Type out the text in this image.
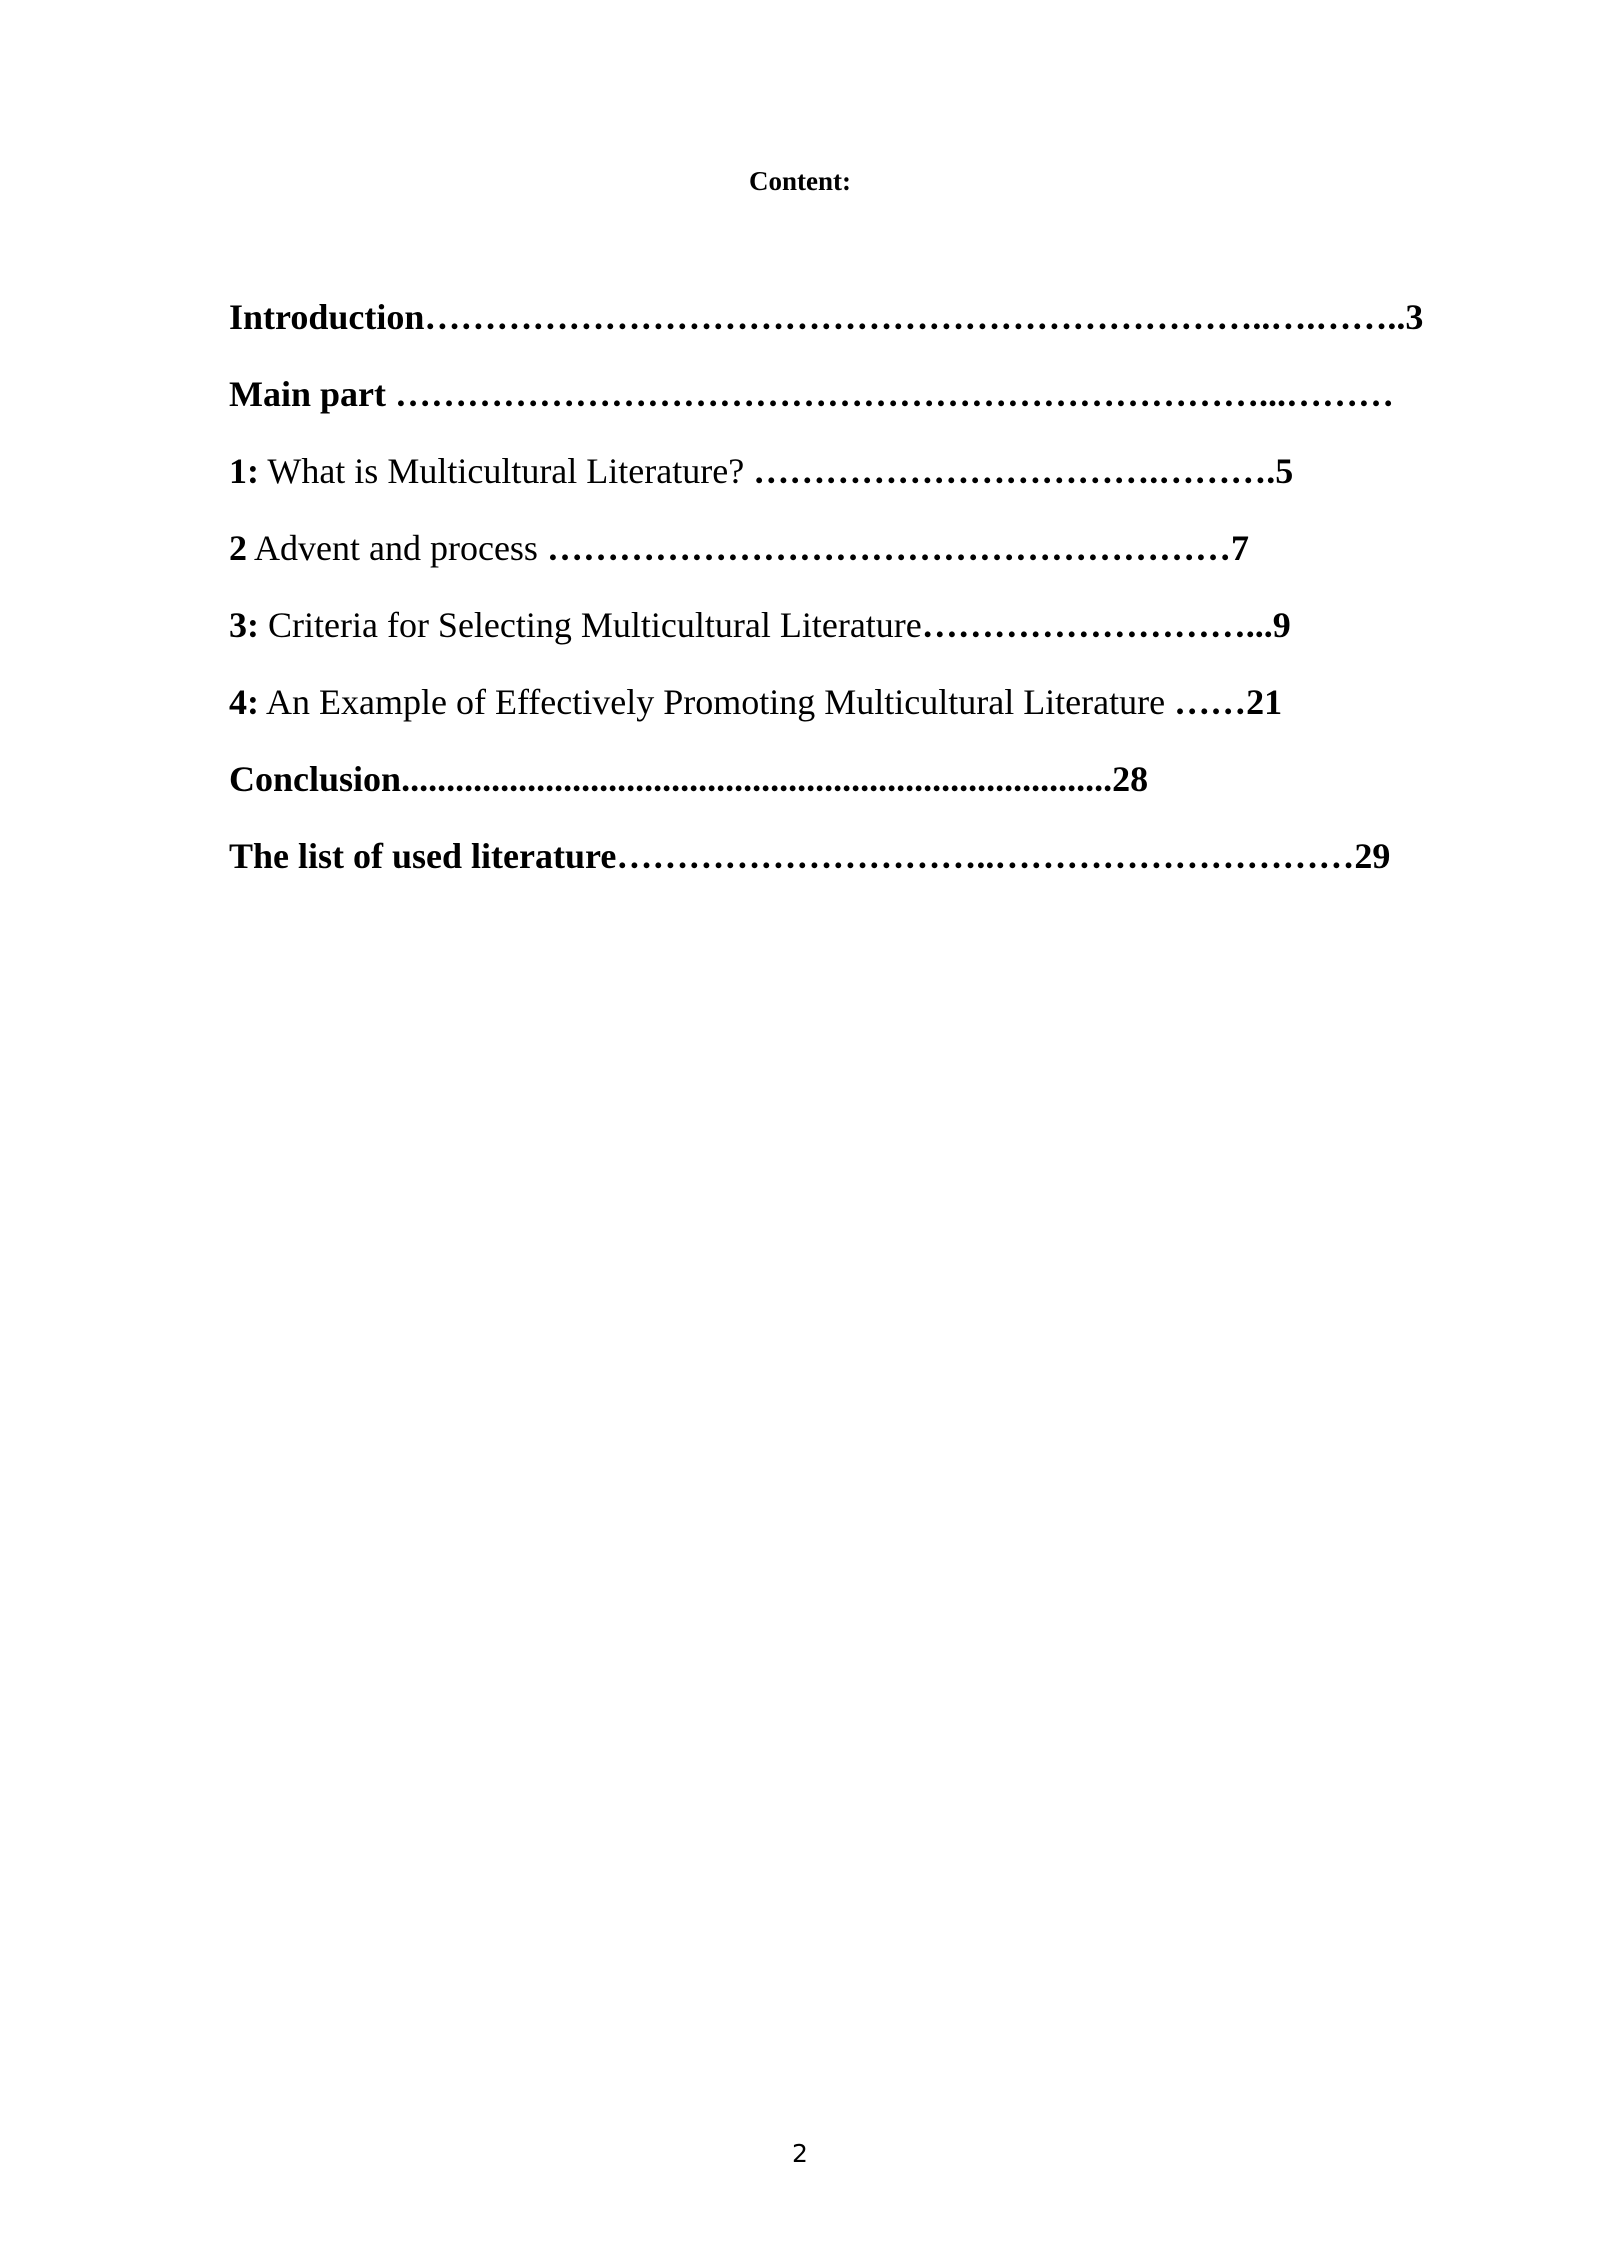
Content:
Introduction……………………………………………………………..….……..3
Main part ………………………………………………………………...………
1: What is Multicultural Literature? …………………………….……….5
2 Advent and process …………………………………………………7
3: Criteria for Selecting Multicultural Literature………………………...9
4: An Example of Effectively Promoting Multicultural Literature ……21
Conclusion...............................................................................28
The list of used literature…………………………..…………………………29
2
